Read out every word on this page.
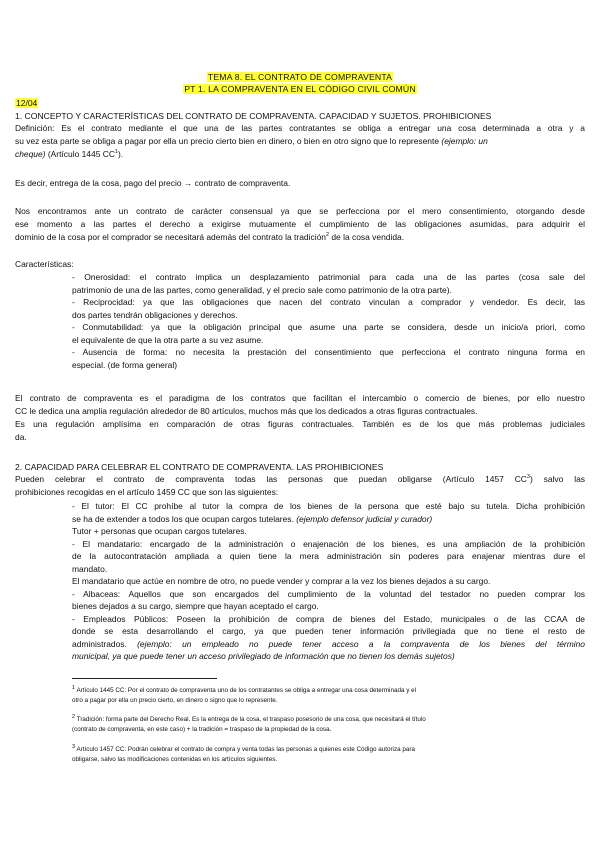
TEMA 8. EL CONTRATO DE COMPRAVENTA
PT 1. LA COMPRAVENTA EN EL CÓDIGO CIVIL COMÚN
12/04
1. CONCEPTO Y CARACTERÍSTICAS DEL CONTRATO DE COMPRAVENTA. CAPACIDAD Y SUJETOS. PROHIBICIONES
Definición: Es el contrato mediante el que una de las partes contratantes se obliga a entregar una cosa determinada a otra y a
su vez esta parte se obliga a pagar por ella un precio cierto bien en dinero, o bien en otro signo que lo represente (ejemplo: un
cheque) (Artículo 1445 $CC^1$).
Es decir, entrega de la cosa, pago del precio → contrato de compraventa.
Nos encontramos ante un contrato de carácter consensual ya que se perfecciona por el mero consentimiento, otorgando desde
ese momento a las partes el derecho a exigirse mutuamente el cumplimiento de las obligaciones asumidas, para adquirir el
dominio de la cosa por el comprador se necesitará además del contrato la tradición$^2$ de la cosa vendida.
Características:
- Onerosidad: el contrato implica un desplazamiento patrimonial para cada una de las partes (cosa sale del
patrimonio de una de las partes, como generalidad, y el precio sale como patrimonio de la otra parte).
- Reciprocidad: ya que las obligaciones que nacen del contrato vinculan a comprador y vendedor. Es decir, las
dos partes tendrán obligaciones y derechos.
- Conmutabilidad: ya que la obligación principal que asume una parte se considera, desde un inicio/a priori, como
el equivalente de que la otra parte a su vez asume.
- Ausencia de forma: no necesita la prestación del consentimiento que perfecciona el contrato ninguna forma en
especial. (de forma general)
El contrato de compraventa es el paradigma de los contratos que facilitan el intercambio o comercio de bienes, por ello nuestro
CC le dedica una amplia regulación alrededor de 80 artículos, muchos más que los dedicados a otras figuras contractuales.
Es una regulación amplísima en comparación de otras figuras contractuales. También es de los que más problemas judiciales
da.
2. CAPACIDAD PARA CELEBRAR EL CONTRATO DE COMPRAVENTA. LAS PROHIBICIONES
Pueden celebrar el contrato de compraventa todas las personas que puedan obligarse (Artículo 1457 $CC^3$) salvo las
prohibiciones recogidas en el artículo 1459 CC que son las siguientes:
- El tutor: El CC prohíbe al tutor la compra de los bienes de la persona que esté bajo su tutela. Dicha prohibición
se ha de extender a todos los que ocupan cargos tutelares. (ejemplo defensor judicial y curador)
Tutor + personas que ocupan cargos tutelares.
- El mandatario: encargado de la administración o enajenación de los bienes, es una ampliación de la prohibición
de la autocontratación ampliada a quien tiene la mera administración sin poderes para enajenar mientras dure el
mandato.
El mandatario que actúe en nombre de otro, no puede vender y comprar a la vez los bienes dejados a su cargo.
- Albaceas: Aquellos que son encargados del cumplimiento de la voluntad del testador no pueden comprar los
bienes dejados a su cargo, siempre que hayan aceptado el cargo.
- Empleados Públicos: Poseen la prohibición de compra de bienes del Estado, municipales o de las CCAA de
donde se esta desarrollando el cargo, ya que pueden tener información privilegiada que no tiene el resto de
administrados. (ejemplo: un empleado no puede tener acceso a la compraventa de los bienes del término
municipal, ya que puede tener un acceso privilegiado de información que no tienen los demás sujetos)
$^1$ Artículo 1445 CC: Por el contrato de compraventa uno de los contratantes se obliga a entregar una cosa determinada y el
otro a pagar por ella un precio cierto, en dinero o signo que lo represente.
$^2$ Tradición: forma parte del Derecho Real. Es la entrega de la cosa, el traspaso posesorio de una cosa, que necesitará el título
(contrato de compraventa, en este caso) + la tradición = traspaso de la propiedad de la cosa.
$^3$ Artículo 1457 CC: Podrán celebrar el contrato de compra y venta todas las personas a quienes este Código autoriza para
obligarse, salvo las modificaciones contenidas en los artículos siguientes.
